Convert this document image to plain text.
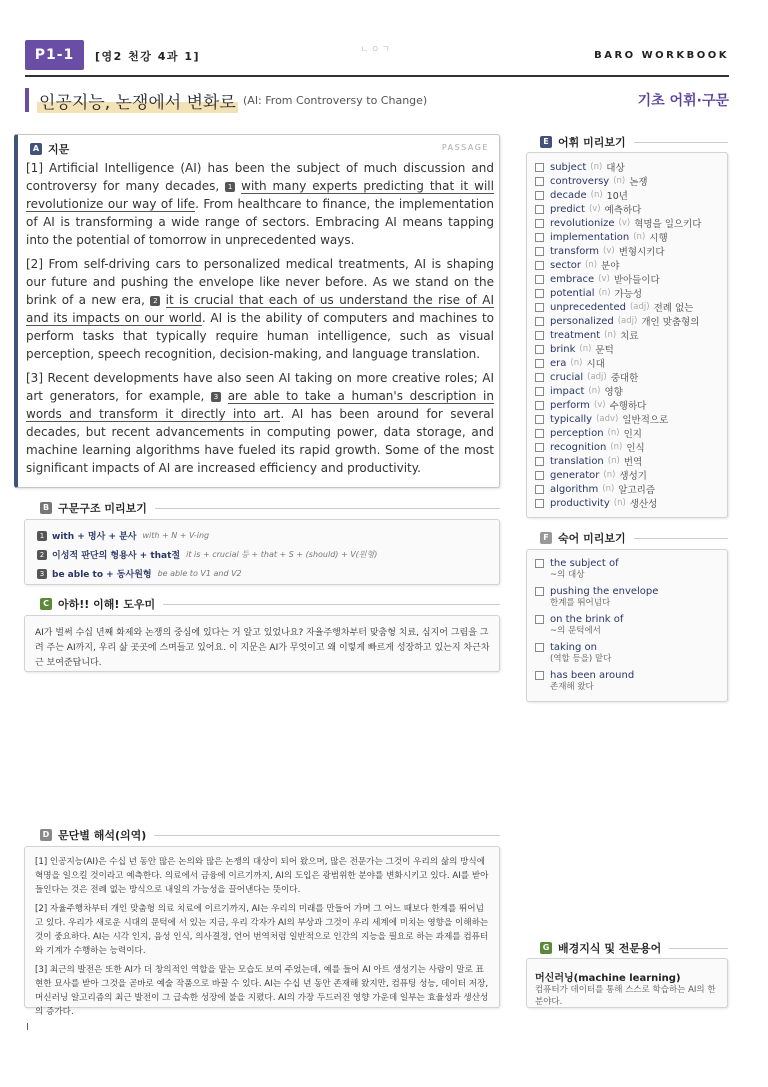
P1-1	[영2 천강 4과 1]	ㄴㅇㄱ	BARO WORKBOOK
인공지능, 논쟁에서 변화로 (AI: From Controversy to Change)	기초 어휘·구문
A 지문	PASSAGE

[1] Artificial Intelligence (AI) has been the subject of much discussion and controversy for many decades, 1 with many experts predicting that it will revolutionize our way of life. From healthcare to finance, the implementation of AI is transforming a wide range of sectors. Embracing AI means tapping into the potential of tomorrow in unprecedented ways.

[2] From self-driving cars to personalized medical treatments, AI is shaping our future and pushing the envelope like never before. As we stand on the brink of a new era, 2 it is crucial that each of us understand the rise of AI and its impacts on our world. AI is the ability of computers and machines to perform tasks that typically require human intelligence, such as visual perception, speech recognition, decision-making, and language translation.

[3] Recent developments have also seen AI taking on more creative roles; AI art generators, for example, 3 are able to take a human's description in words and transform it directly into art. AI has been around for several decades, but recent advancements in computing power, data storage, and machine learning algorithms have fueled its rapid growth. Some of the most significant impacts of AI are increased efficiency and productivity.

B 구문구조 미리보기
1 with + 명사 + 분사 with + N + V-ing
2 이성적 판단의 형용사 + that절 it is + crucial 등 + that + S + (should) + V(원형)
3 be able to + 동사원형 be able to V1 and V2
C 아하!! 이해! 도우미
AI가 벌써 수십 년째 화제와 논쟁의 중심에 있다는 거 알고 있었나요? 자율주행차부터 맞춤형 치료, 심지어 그림을 그려 주는 AI까지, 우리 삶 곳곳에 스며들고 있어요. 이 지문은 AI가 무엇이고 왜 이렇게 빠르게 성장하고 있는지 차근차근 보여준답니다.
D 문단별 해석(의역)
[1] 인공지능(AI)은 수십 년 동안 많은 논의와 많은 논쟁의 대상이 되어 왔으며, 많은 전문가는 그것이 우리의 삶의 방식에 혁명을 일으킬 것이라고 예측한다. 의료에서 금융에 이르기까지, AI의 도입은 광범위한 분야를 변화시키고 있다. AI를 받아들인다는 것은 전례 없는 방식으로 내일의 가능성을 끌어낸다는 뜻이다.
[2] 자율주행차부터 개인 맞춤형 의료 치료에 이르기까지, AI는 우리의 미래를 만들어 가며 그 어느 때보다 한계를 뛰어넘고 있다. 우리가 새로운 시대의 문턱에 서 있는 지금, 우리 각자가 AI의 부상과 그것이 우리 세계에 미치는 영향을 이해하는 것이 중요하다. AI는 시각 인지, 음성 인식, 의사결정, 언어 번역처럼 일반적으로 인간의 지능을 필요로 하는 과제를 컴퓨터와 기계가 수행하는 능력이다.
[3] 최근의 발전은 또한 AI가 더 창의적인 역할을 맡는 모습도 보여 주었는데, 예를 들어 AI 아트 생성기는 사람이 말로 표현한 묘사를 받아 그것을 곧바로 예술 작품으로 바꿀 수 있다. AI는 수십 년 동안 존재해 왔지만, 컴퓨팅 성능, 데이터 저장, 머신러닝 알고리즘의 최근 발전이 그 급속한 성장에 불을 지폈다. AI의 가장 두드러진 영향 가운데 일부는 효율성과 생산성의 증가다.
E 어휘 미리보기
subject (n) 대상
controversy (n) 논쟁
decade (n) 10년
predict (v) 예측하다
revolutionize (v) 혁명을 일으키다
implementation (n) 시행
transform (v) 변형시키다
sector (n) 분야
embrace (v) 받아들이다
potential (n) 가능성
unprecedented (adj) 전례 없는
personalized (adj) 개인 맞춤형의
treatment (n) 치료
brink (n) 문턱
era (n) 시대
crucial (adj) 중대한
impact (n) 영향
perform (v) 수행하다
typically (adv) 일반적으로
perception (n) 인지
recognition (n) 인식
translation (n) 번역
generator (n) 생성기
algorithm (n) 알고리즘
productivity (n) 생산성
F 숙어 미리보기
the subject of
~의 대상
pushing the envelope
한계를 뛰어넘다
on the brink of
~의 문턱에서
taking on
(역할 등을) 맡다
has been around
존재해 왔다
G 배경지식 및 전문용어
머신러닝(machine learning)
컴퓨터가 데이터를 통해 스스로 학습하는 AI의 한 분야다.
I
